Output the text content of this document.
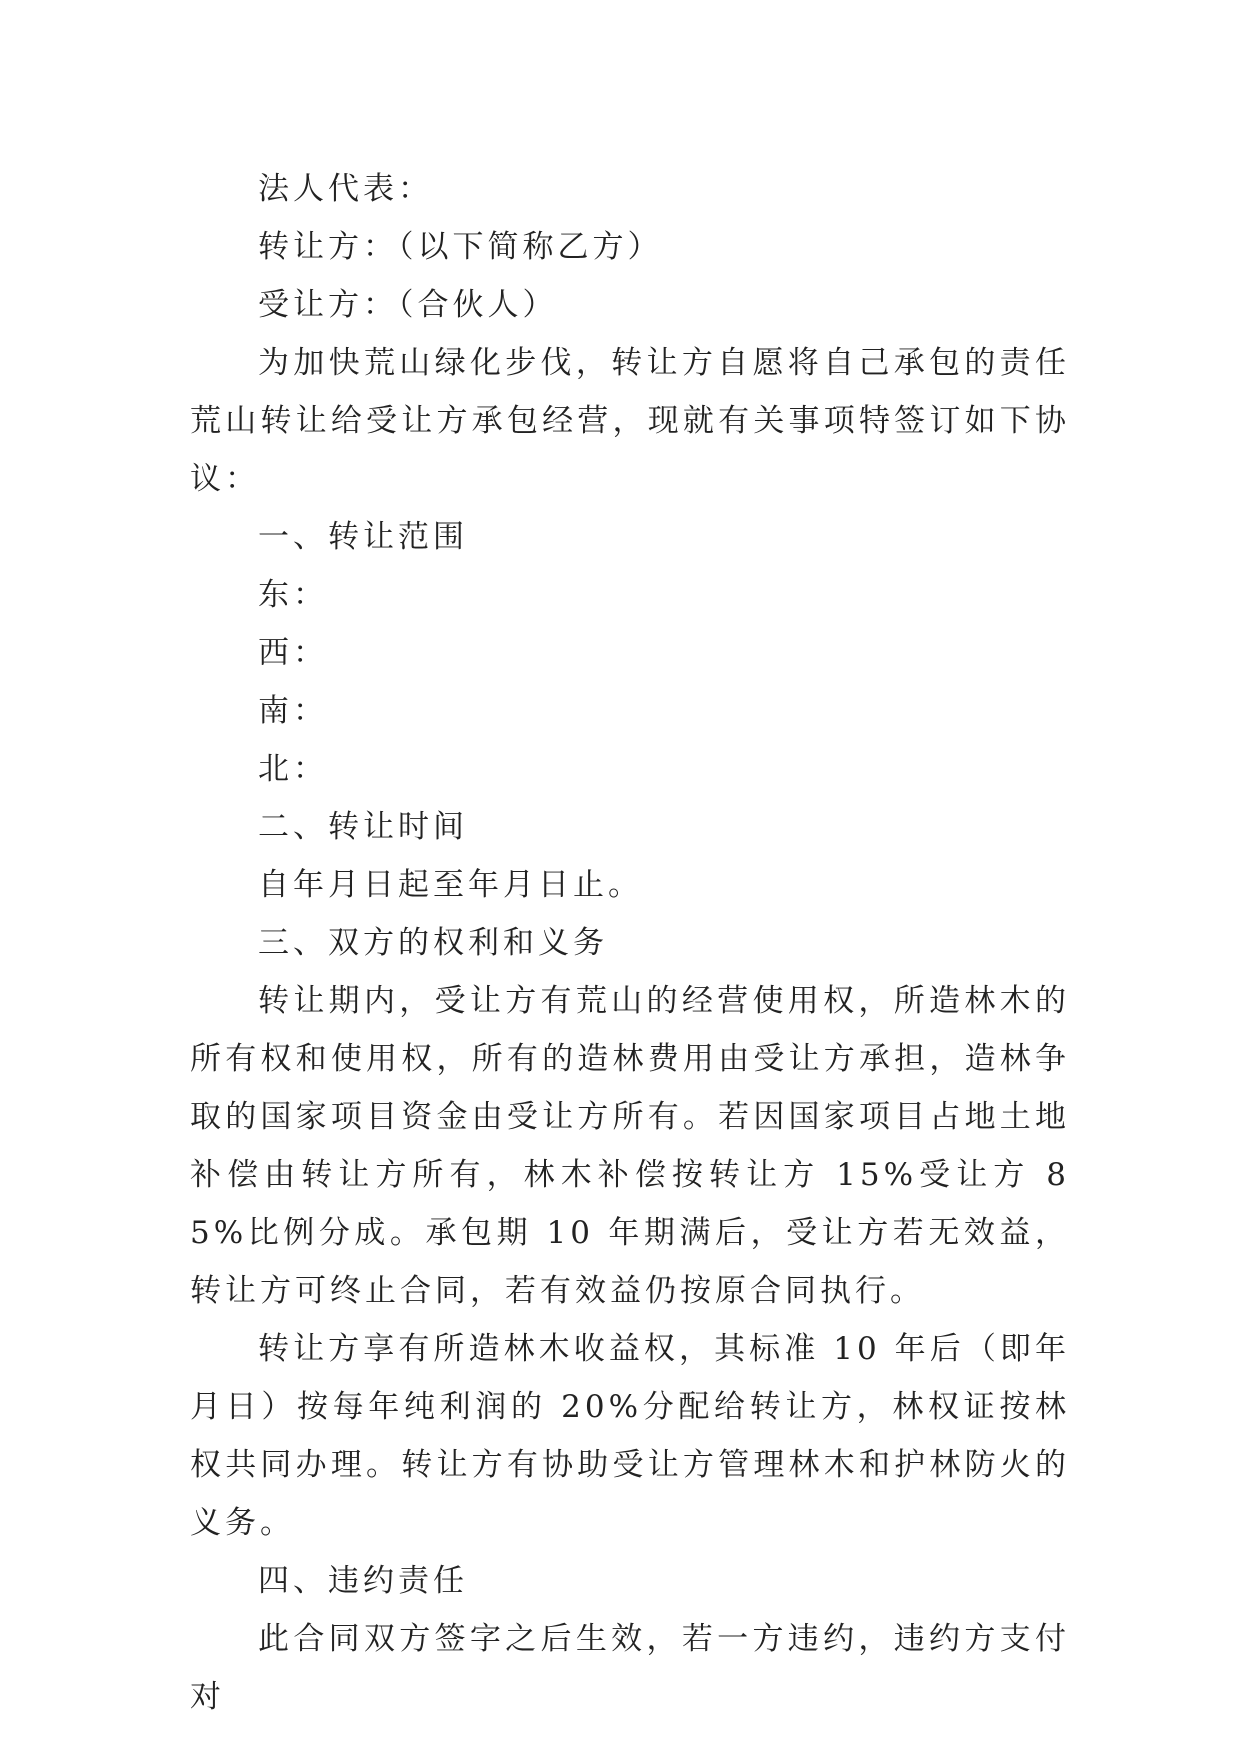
法人代表：

转让方：（以下简称乙方）

受让方：（合伙人）

为加快荒山绿化步伐，转让方自愿将自己承包的责任荒山转让给受让方承包经营，现就有关事项特签订如下协议：

一、转让范围

东：

西：

南：

北：

二、转让时间

自年月日起至年月日止。

三、双方的权利和义务

转让期内，受让方有荒山的经营使用权，所造林木的所有权和使用权，所有的造林费用由受让方承担，造林争取的国家项目资金由受让方所有。若因国家项目占地土地补偿由转让方所有，林木补偿按转让方 15%受让方 85%比例分成。承包期 10 年期满后，受让方若无效益，转让方可终止合同，若有效益仍按原合同执行。

转让方享有所造林木收益权，其标准 10 年后（即年月日）按每年纯利润的 20%分配给转让方，林权证按林权共同办理。转让方有协助受让方管理林木和护林防火的义务。

四、违约责任

此合同双方签字之后生效，若一方违约，违约方支付对
